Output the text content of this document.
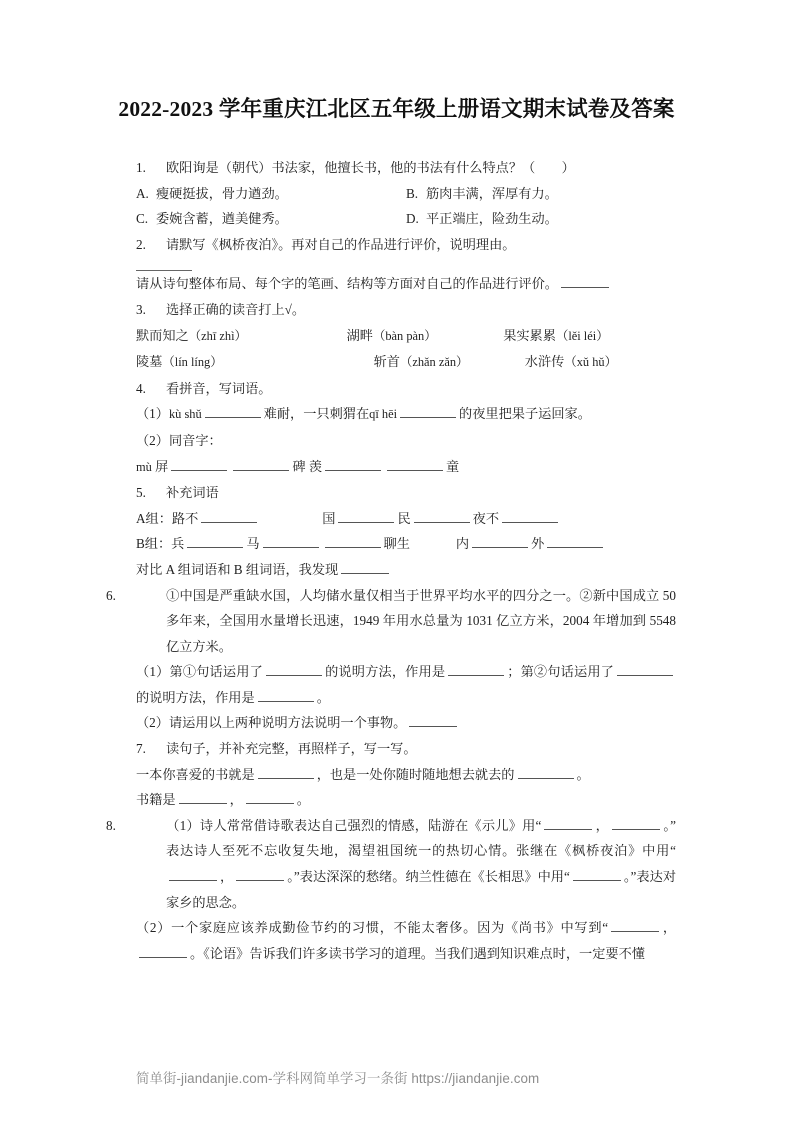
2022-2023 学年重庆江北区五年级上册语文期末试卷及答案
1. 欧阳询是（朝代）书法家，他擅长书，他的书法有什么特点？（　　）
A. 瘦硬挺拔，骨力遒劲。	B. 筋肉丰满，浑厚有力。
C. 委婉含蓄，遒美健秀。	D. 平正端庄，险劲生动。
2. 请默写《枫桥夜泊》。再对自己的作品进行评价，说明理由。
请从诗句整体布局、每个字的笔画、结构等方面对自己的作品进行评价。
3. 选择正确的读音打上√。
默而知之（zhī zhì）	湖畔（bàn pàn）	果实累累（lěi léi）
陵墓（lín líng）	斩首（zhǎn zǎn）	水浒传（xǔ hǔ）
4. 看拼音，写词语。
（1）kù shǔ	难耐，一只刺猬在qī hēi	的夜里把果子运回家。
（2）同音字：
mù 屏	碑 羡	童
5. 补充词语
A组：路不	国	民	夜不
B组：兵	马	聊生	内	外
对比 A 组词语和 B 组词语，我发现
6.	①中国是严重缺水国，人均储水量仅相当于世界平均水平的四分之一。②新中国成立 50 多年来，全国用水量增长迅速，1949 年用水总量为 1031 亿立方米，2004 年增加到 5548 亿立方米。
（1）第①句话运用了	的说明方法，作用是	；第②句话运用了的说明方法，作用是	。
（2）请运用以上两种说明方法说明一个事物。
7. 读句子，并补充完整，再照样子，写一写。
一本你喜爱的书就是	，也是一处你随时随地想去就去的	。
书籍是	，	。
8.	（1）诗人常常借诗歌表达自己强烈的情感，陆游在《示儿》用“	，	。”表达诗人至死不忘收复失地，渴望祖国统一的热切心情。张继在《枫桥夜泊》中用“，	。”表达深深的愁绪。纳兰性德在《长相思》中用“	。”表达对家乡的思念。
（2）一个家庭应该养成勤俭节约的习惯，不能太奢侈。因为《尚书》中写到“	，。《论语》告诉我们许多读书学习的道理。当我们遇到知识难点时，一定要不懂
简单街-jiandanjie.com-学科网简单学习一条街 https://jiandanjie.com
